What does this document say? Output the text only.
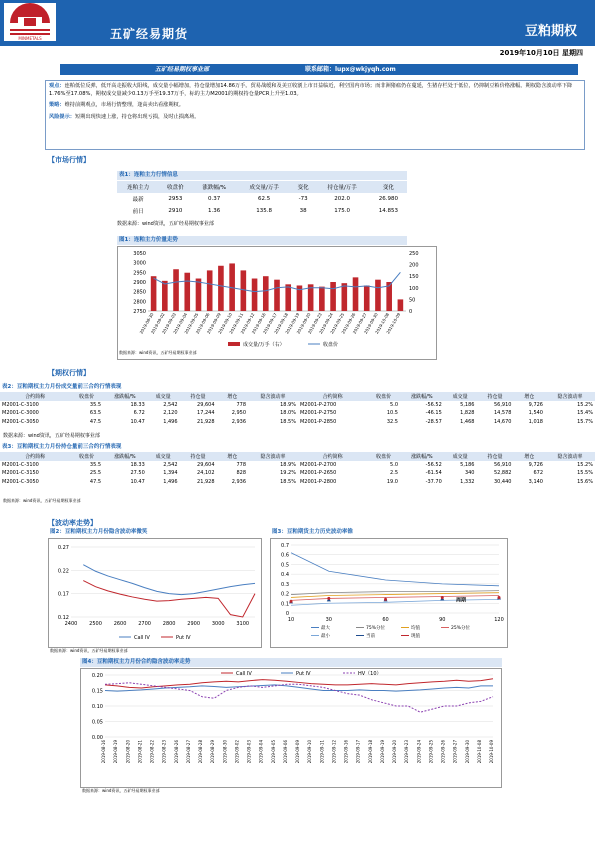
MINMETALS	五矿经易期货	豆粕期权
2019年10月10日 星期四
五矿经易期权事业部	联系邮箱：lupx@wkjyqh.com

观点：连粕低位反弹，低开高走振收大阳线，成交量小幅增加，持仓量增加14.86万手。贸易战缓和及美豆收割上市日益临近，利空国内市场；而非洲猪瘟仍在蔓延，生猪存栏处于低位，仍抑制豆粕价格涨幅。期权隐含波动率下降1.76%至17.08%，期权成交量减少0.13万手至19.37万手，标的主力M2001的期权持仓量PCR上升至1.03。

策略：维持前期观点，市场行情整理，逢高卖出看涨期权。

风险提示：短期出现快速上涨，持仓将出现亏损，及时止损离场。

【市场行情】
表1：连粕主力行情信息
连粕主力	收盘价	涨跌幅/%	成交量/万手	变化	持仓量/万手	变化
最新	2953	0.37	62.5	-73	202.0	26.980
前日	2910	1.36	135.8	38	175.0	14.853
数据来源：wind资讯，五矿经易期权事业部
图1：连粕主力价量走势
2750
2800
2850
2900
2950
3000
3050
0
50
100
150
200
250
2019-08-30
2019-09-02
2019-09-03
2019-09-04
2019-09-05
2019-09-06
2019-09-09
2019-09-10
2019-09-11
2019-09-12
2019-09-16
2019-09-17
2019-09-18
2019-09-19
2019-09-20
2019-09-23
2019-09-24
2019-09-25
2019-09-26
2019-09-27
2019-09-30
2019-10-08
2019-10-09
成交量/万手（右）	收盘价
数据来源：wind资讯，五矿经易期权事业部
【期权行情】
表2：豆粕期权主力月份成交量前三合约行情表现
合约简称	收盘价	涨跌幅/%	成交量	持仓量	增仓	隐含波动率	合约简称	收盘价	涨跌幅/%	成交量	持仓量	增仓	隐含波动率
M2001-C-3100	35.5	18.33	2,542	29,604	778	18.9%	M2001-P-2700	5.0	-56.52	5,186	56,910	9,726	15.2%
M2001-C-3000	63.5	6.72	2,120	17,244	2,950	18.0%	M2001-P-2750	10.5	-46.15	1,828	14,578	1,540	15.4%
M2001-C-3050	47.5	10.47	1,496	21,928	2,936	18.5%	M2001-P-2850	32.5	-28.57	1,468	14,670	1,018	15.7%
数据来源：wind资讯，五矿经易期权事业部
表3：豆粕期权主力月份持仓量前三合约行情表现
合约简称	收盘价	涨跌幅/%	成交量	持仓量	增仓	隐含波动率	合约简称	收盘价	涨跌幅/%	成交量	持仓量	增仓	隐含波动率
M2001-C-3100	35.5	18.33	2,542	29,604	778	18.9%	M2001-P-2700	5.0	-56.52	5,186	56,910	9,726	15.2%
M2001-C-3150	25.5	27.50	1,394	24,102	828	19.2%	M2001-P-2650	2.5	-61.54	340	52,882	672	15.5%
M2001-C-3050	47.5	10.47	1,496	21,928	2,936	18.5%	M2001-P-2800	19.0	-37.70	1,332	30,440	3,140	15.6%
数据来源：wind资讯，五矿经易期权事业部
【波动率走势】
图2：豆粕期权主力月份隐含波动率微笑
0.12
0.17
0.22
0.27
2400 2500 2600 2700 2800 2900 3000 3100
Call IV	Put IV
数据来源：wind资讯，五矿经易期权事业部
图3：豆粕期货主力历史波动率锥
0
0.1
0.2
0.3
0.4
0.5
0.6
0.7
10	30	60	90	120
周期
最大	75%分位	均值	25%分位
最小	当前	现值
图4：豆粕期权主力月份合约隐含波动率走势
0.00
0.05
0.10
0.15
0.20
2019-08-16 2019-08-19 2019-08-20 2019-08-21 2019-08-22 2019-08-23 2019-08-26 2019-08-27 2019-08-28 2019-08-29 2019-08-30 2019-09-02 2019-09-03 2019-09-04 2019-09-05 2019-09-06 2019-09-09 2019-09-10 2019-09-11 2019-09-12 2019-09-16 2019-09-17 2019-09-18 2019-09-19 2019-09-20 2019-09-23 2019-09-24 2019-09-25 2019-09-26 2019-09-27 2019-09-30 2019-10-08 2019-10-09
Call IV	Put IV	HV（10）
数据来源：wind资讯，五矿经易期权事业部
